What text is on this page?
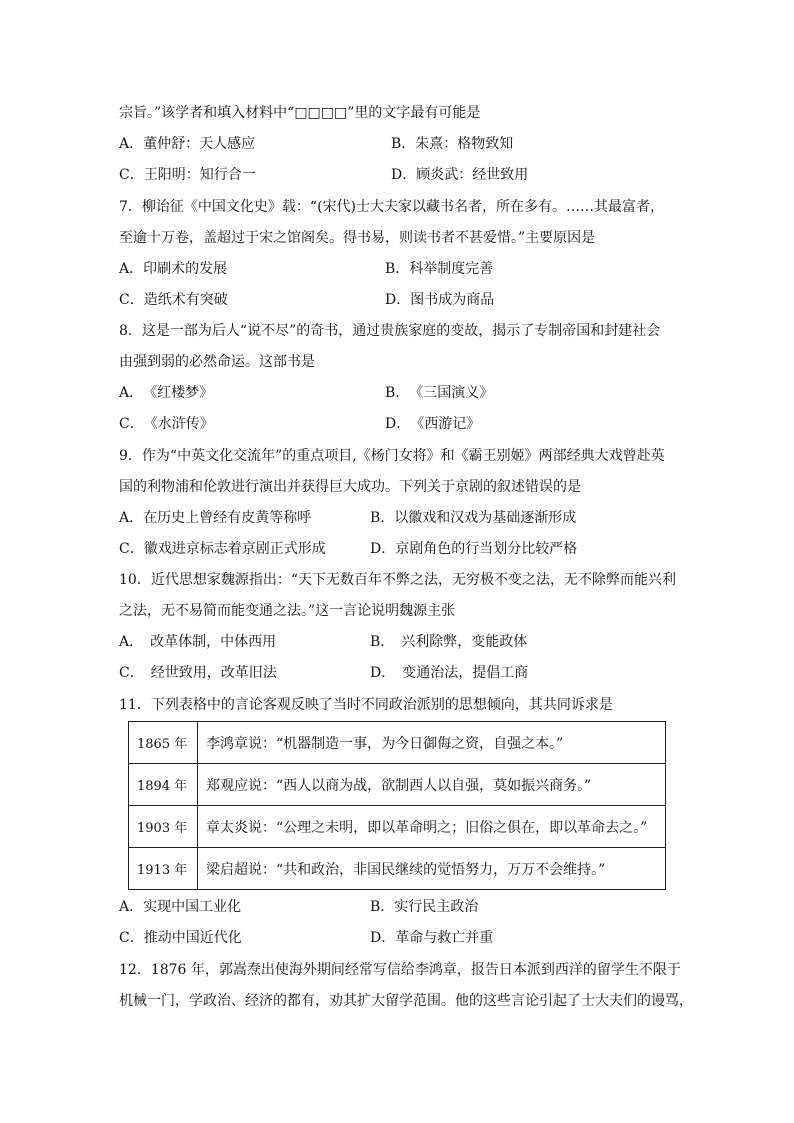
宗旨。”该学者和填入材料中“□□□□”里的文字最有可能是
A．董仲舒：天人感应	B．朱熹：格物致知
C．王阳明：知行合一	D．顾炎武：经世致用
7．柳诒征《中国文化史》载：“(宋代)士大夫家以藏书名者，所在多有。……其最富者，
至逾十万卷，盖超过于宋之馆阁矣。得书易，则读书者不甚爱惜。”主要原因是
A．印刷术的发展	B．科举制度完善
C．造纸术有突破	D．图书成为商品
8．这是一部为后人“说不尽”的奇书，通过贵族家庭的变故，揭示了专制帝国和封建社会
由强到弱的必然命运。这部书是
A．　《红楼梦》	B．　《三国演义》
C．　《水浒传》	D．　《西游记》
9．作为“中英文化交流年”的重点项目,《杨门女将》和《霸王别姬》两部经典大戏曾赴英
国的利物浦和伦敦进行演出并获得巨大成功。下列关于京剧的叙述错误的是
A．在历史上曾经有皮黄等称呼	B．以徽戏和汉戏为基础逐渐形成
C．徽戏进京标志着京剧正式形成	D．京剧角色的行当划分比较严格
10．近代思想家魏源指出：“天下无数百年不弊之法，无穷极不变之法，无不除弊而能兴利
之法，无不易简而能变通之法。”这一言论说明魏源主张
A．　改革体制，中体西用	B．　兴利除弊，变能政体
C．　经世致用，改革旧法	D．　变通治法，提倡工商
11．下列表格中的言论客观反映了当时不同政治派别的思想倾向，其共同诉求是
1865 年	李鸿章说：“机器制造一事，为今日御侮之资，自强之本。”
1894 年	郑观应说：“西人以商为战，欲制西人以自强，莫如振兴商务。”
1903 年	章太炎说：“公理之未明，即以革命明之；旧俗之俱在，即以革命去之。”
1913 年	梁启超说：“共和政治，非国民继续的觉悟努力，万万不会维持。”
A．实现中国工业化	B．实行民主政治
C．推动中国近代化	D．革命与救亡并重
12．1876 年，郭嵩焘出使海外期间经常写信给李鸿章，报告日本派到西洋的留学生不限于
机械一门，学政治、经济的都有，劝其扩大留学范围。他的这些言论引起了士大夫们的谩骂，
